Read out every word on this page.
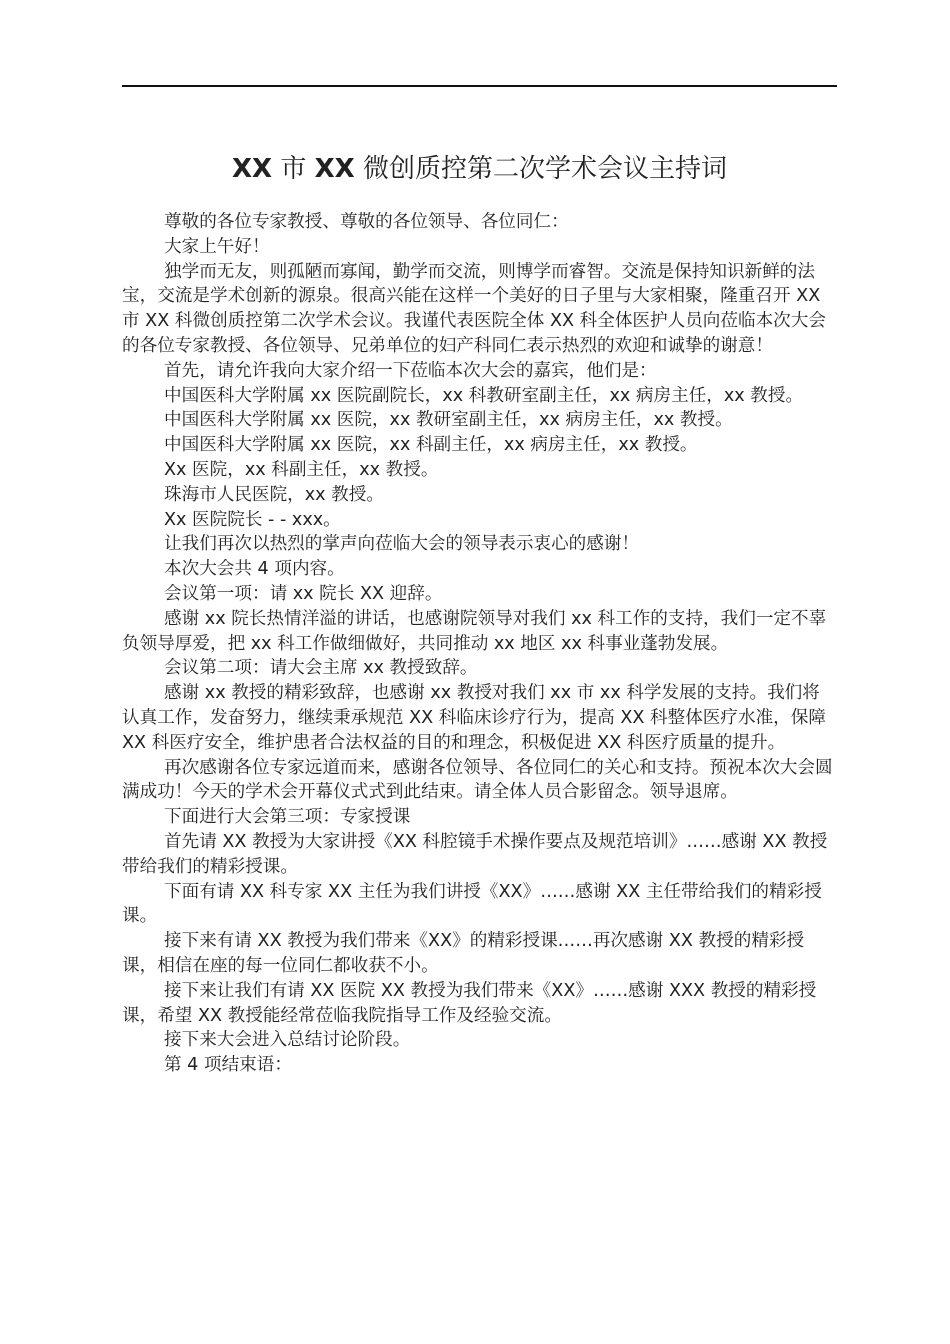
XX 市 XX 微创质控第二次学术会议主持词

尊敬的各位专家教授、尊敬的各位领导、各位同仁：

大家上午好！

独学而无友，则孤陋而寡闻，勤学而交流，则博学而睿智。交流是保持知识新鲜的法宝，交流是学术创新的源泉。很高兴能在这样一个美好的日子里与大家相聚，隆重召开 XX 市 XX 科微创质控第二次学术会议。我谨代表医院全体 XX 科全体医护人员向莅临本次大会的各位专家教授、各位领导、兄弟单位的妇产科同仁表示热烈的欢迎和诚挚的谢意！

首先，请允许我向大家介绍一下莅临本次大会的嘉宾，他们是：

中国医科大学附属 xx 医院副院长，xx 科教研室副主任，xx 病房主任，xx 教授。

中国医科大学附属 xx 医院，xx 教研室副主任，xx 病房主任，xx 教授。

中国医科大学附属 xx 医院，xx 科副主任，xx 病房主任，xx 教授。

Xx 医院，xx 科副主任，xx 教授。

珠海市人民医院，xx 教授。

Xx 医院院长 - - xxx。

让我们再次以热烈的掌声向莅临大会的领导表示衷心的感谢！

本次大会共 4 项内容。

会议第一项：请 xx 院长 XX 迎辞。

感谢 xx 院长热情洋溢的讲话，也感谢院领导对我们 xx 科工作的支持，我们一定不辜负领导厚爱，把 xx 科工作做细做好，共同推动 xx 地区 xx 科事业蓬勃发展。

会议第二项：请大会主席 xx 教授致辞。

感谢 xx 教授的精彩致辞，也感谢 xx 教授对我们 xx 市 xx 科学发展的支持。我们将认真工作，发奋努力，继续秉承规范 XX 科临床诊疗行为，提高 XX 科整体医疗水准，保障 XX 科医疗安全，维护患者合法权益的目的和理念，积极促进 XX 科医疗质量的提升。

再次感谢各位专家远道而来，感谢各位领导、各位同仁的关心和支持。预祝本次大会圆满成功！今天的学术会开幕仪式式到此结束。请全体人员合影留念。领导退席。

下面进行大会第三项：专家授课

首先请 XX 教授为大家讲授《XX 科腔镜手术操作要点及规范培训》……感谢 XX 教授带给我们的精彩授课。

下面有请 XX 科专家 XX 主任为我们讲授《XX》……感谢 XX 主任带给我们的精彩授课。

接下来有请 XX 教授为我们带来《XX》的精彩授课……再次感谢 XX 教授的精彩授课，相信在座的每一位同仁都收获不小。

接下来让我们有请 XX 医院 XX 教授为我们带来《XX》……感谢 XXX 教授的精彩授课，希望 XX 教授能经常莅临我院指导工作及经验交流。

接下来大会进入总结讨论阶段。

第 4 项结束语：
